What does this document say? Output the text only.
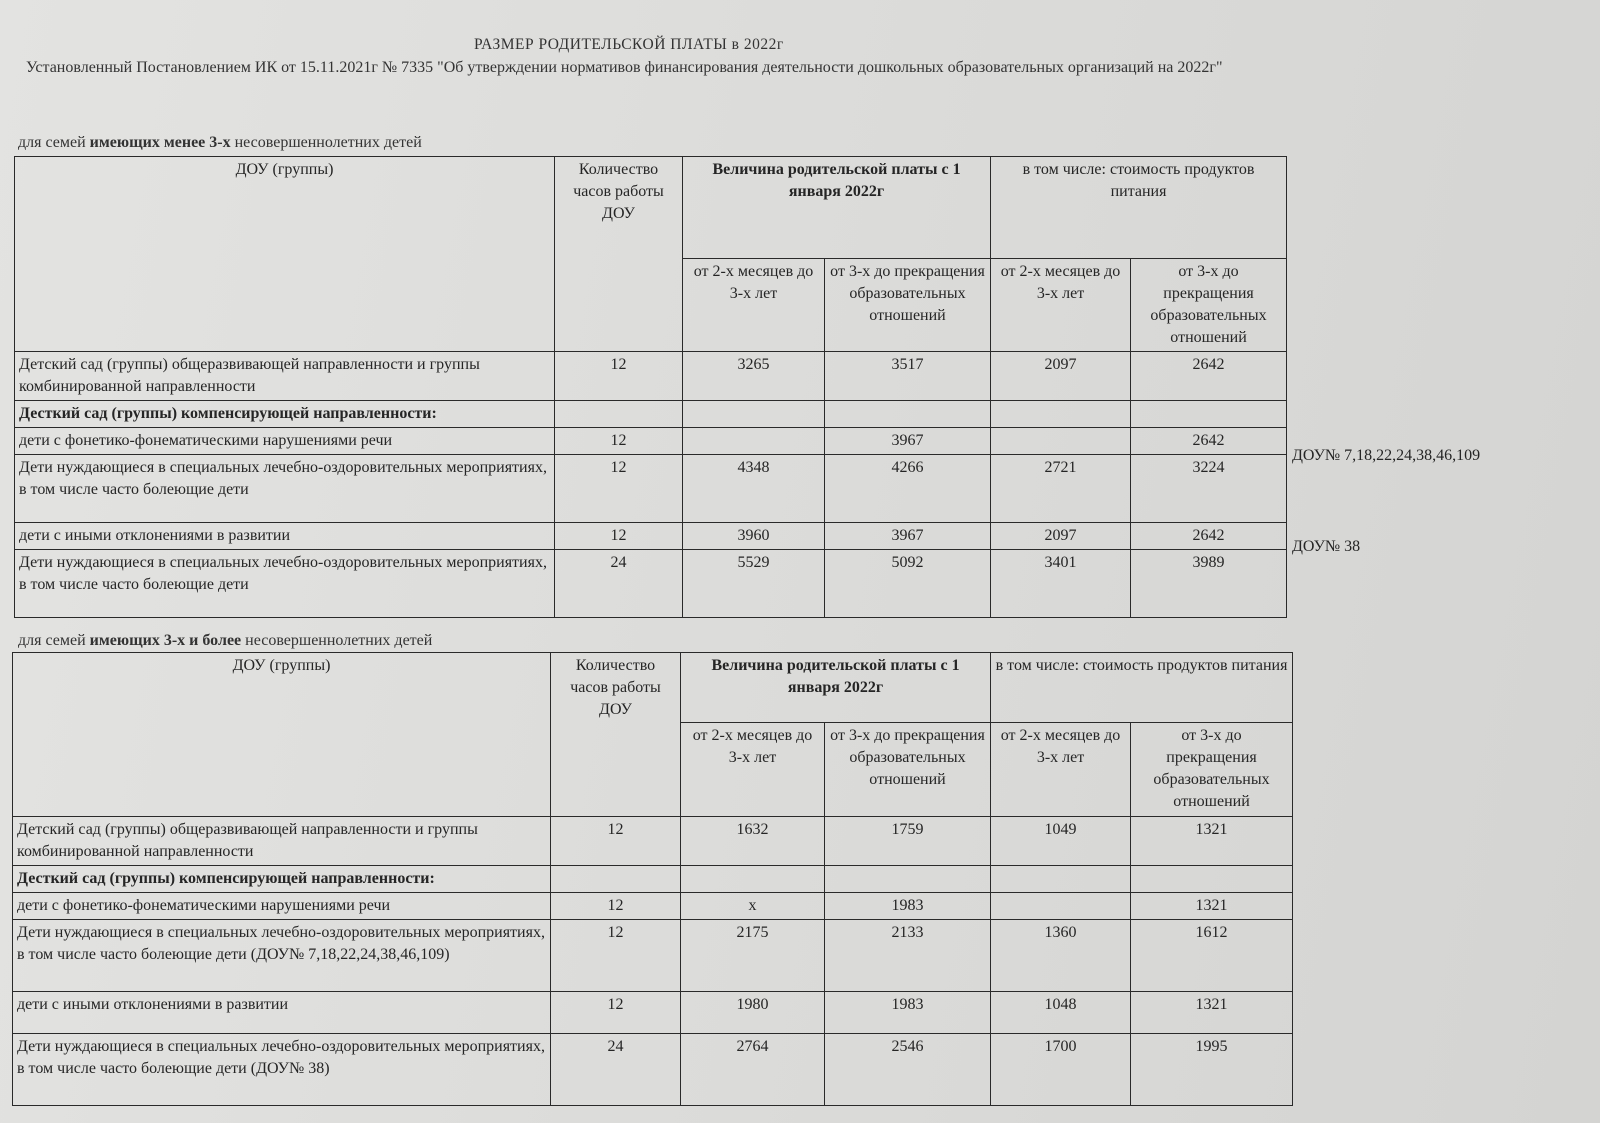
РАЗМЕР РОДИТЕЛЬСКОЙ ПЛАТЫ в 2022г
Установленный Постановлением ИК от 15.11.2021г № 7335 "Об утверждении нормативов финансирования деятельности дошкольных образовательных организаций на 2022г"
для семей имеющих менее 3-х несовершеннолетних детей
ДОУ (группы)	Количество часов работы ДОУ	Величина родительской платы с 1 января 2022г		в том числе: стоимость продуктов питания	
		от 2-х месяцев до 3-х лет	от 3-х до прекращения образовательных отношений	от 2-х месяцев до 3-х лет	от 3-х до прекращения образовательных отношений
Детский сад (группы) общеразвивающей направленности и группы комбинированной направленности	12	3265	3517	2097	2642
Десткий сад (группы) компенсирующей направленности:					
дети с фонетико-фонематическими нарушениями речи	12		3967		2642
Дети нуждающиеся в специальных лечебно-оздоровительных мероприятиях, в том числе часто болеющие дети	12	4348	4266	2721	3224
дети с иными отклонениями в развитии	12	3960	3967	2097	2642
Дети нуждающиеся в специальных лечебно-оздоровительных мероприятиях, в том числе часто болеющие дети	24	5529	5092	3401	3989
ДОУ№ 7,18,22,24,38,46,109
ДОУ№ 38
для семей имеющих 3-х и более несовершеннолетних детей
ДОУ (группы)	Количество часов работы ДОУ	Величина родительской платы с 1 января 2022г		в том числе: стоимость продуктов питания	
		от 2-х месяцев до 3-х лет	от 3-х до прекращения образовательных отношений	от 2-х месяцев до 3-х лет	от 3-х до прекращения образовательных отношений
Детский сад (группы) общеразвивающей направленности и группы комбинированной направленности	12	1632	1759	1049	1321
Десткий сад (группы) компенсирующей направленности:					
дети с фонетико-фонематическими нарушениями речи	12	х	1983		1321
Дети нуждающиеся в специальных лечебно-оздоровительных мероприятиях, в том числе часто болеющие дети (ДОУ№ 7,18,22,24,38,46,109)	12	2175	2133	1360	1612
дети с иными отклонениями в развитии	12	1980	1983	1048	1321
Дети нуждающиеся в специальных лечебно-оздоровительных мероприятиях, в том числе часто болеющие дети (ДОУ№ 38)	24	2764	2546	1700	1995
